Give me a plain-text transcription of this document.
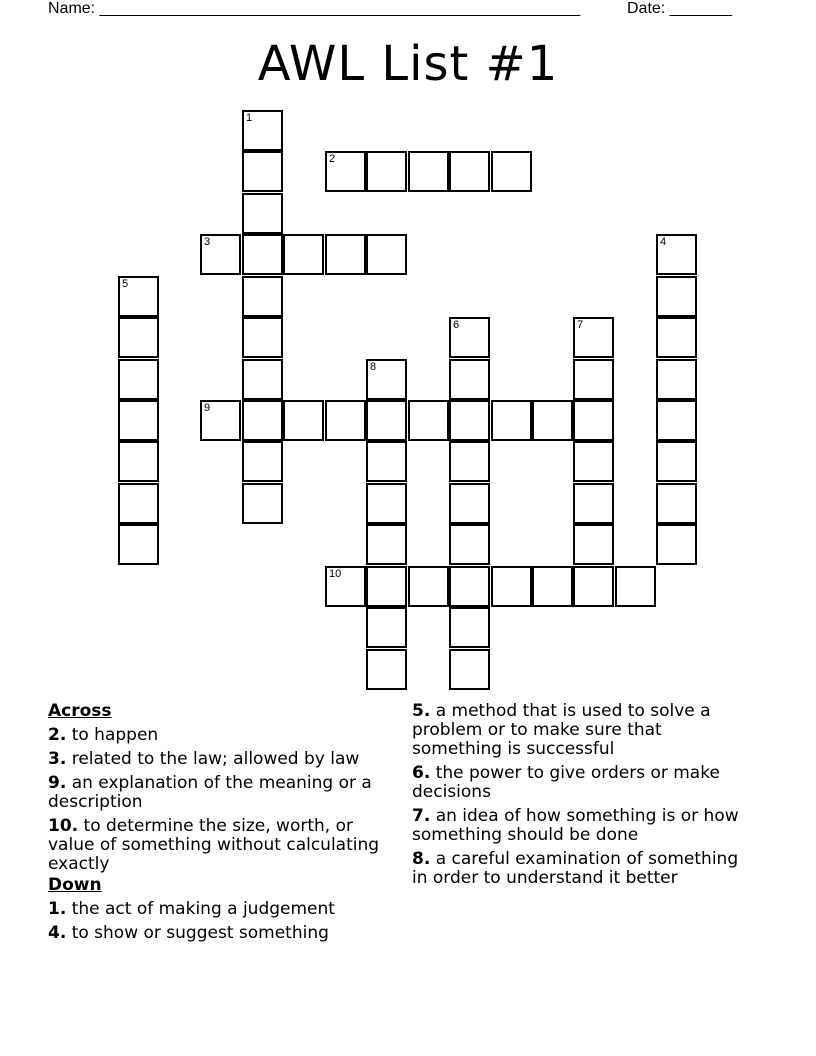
Name: ______________________________________________________	Date: _______
AWL List #1
1
2
3	4
5
6	7
8
9
10
Across
2. to happen
3. related to the law; allowed by law
9. an explanation of the meaning or a description
10. to determine the size, worth, or value of something without calculating exactly
Down
1. the act of making a judgement
4. to show or suggest something
5. a method that is used to solve a problem or to make sure that something is successful
6. the power to give orders or make decisions
7. an idea of how something is or how something should be done
8. a careful examination of something in order to understand it better
